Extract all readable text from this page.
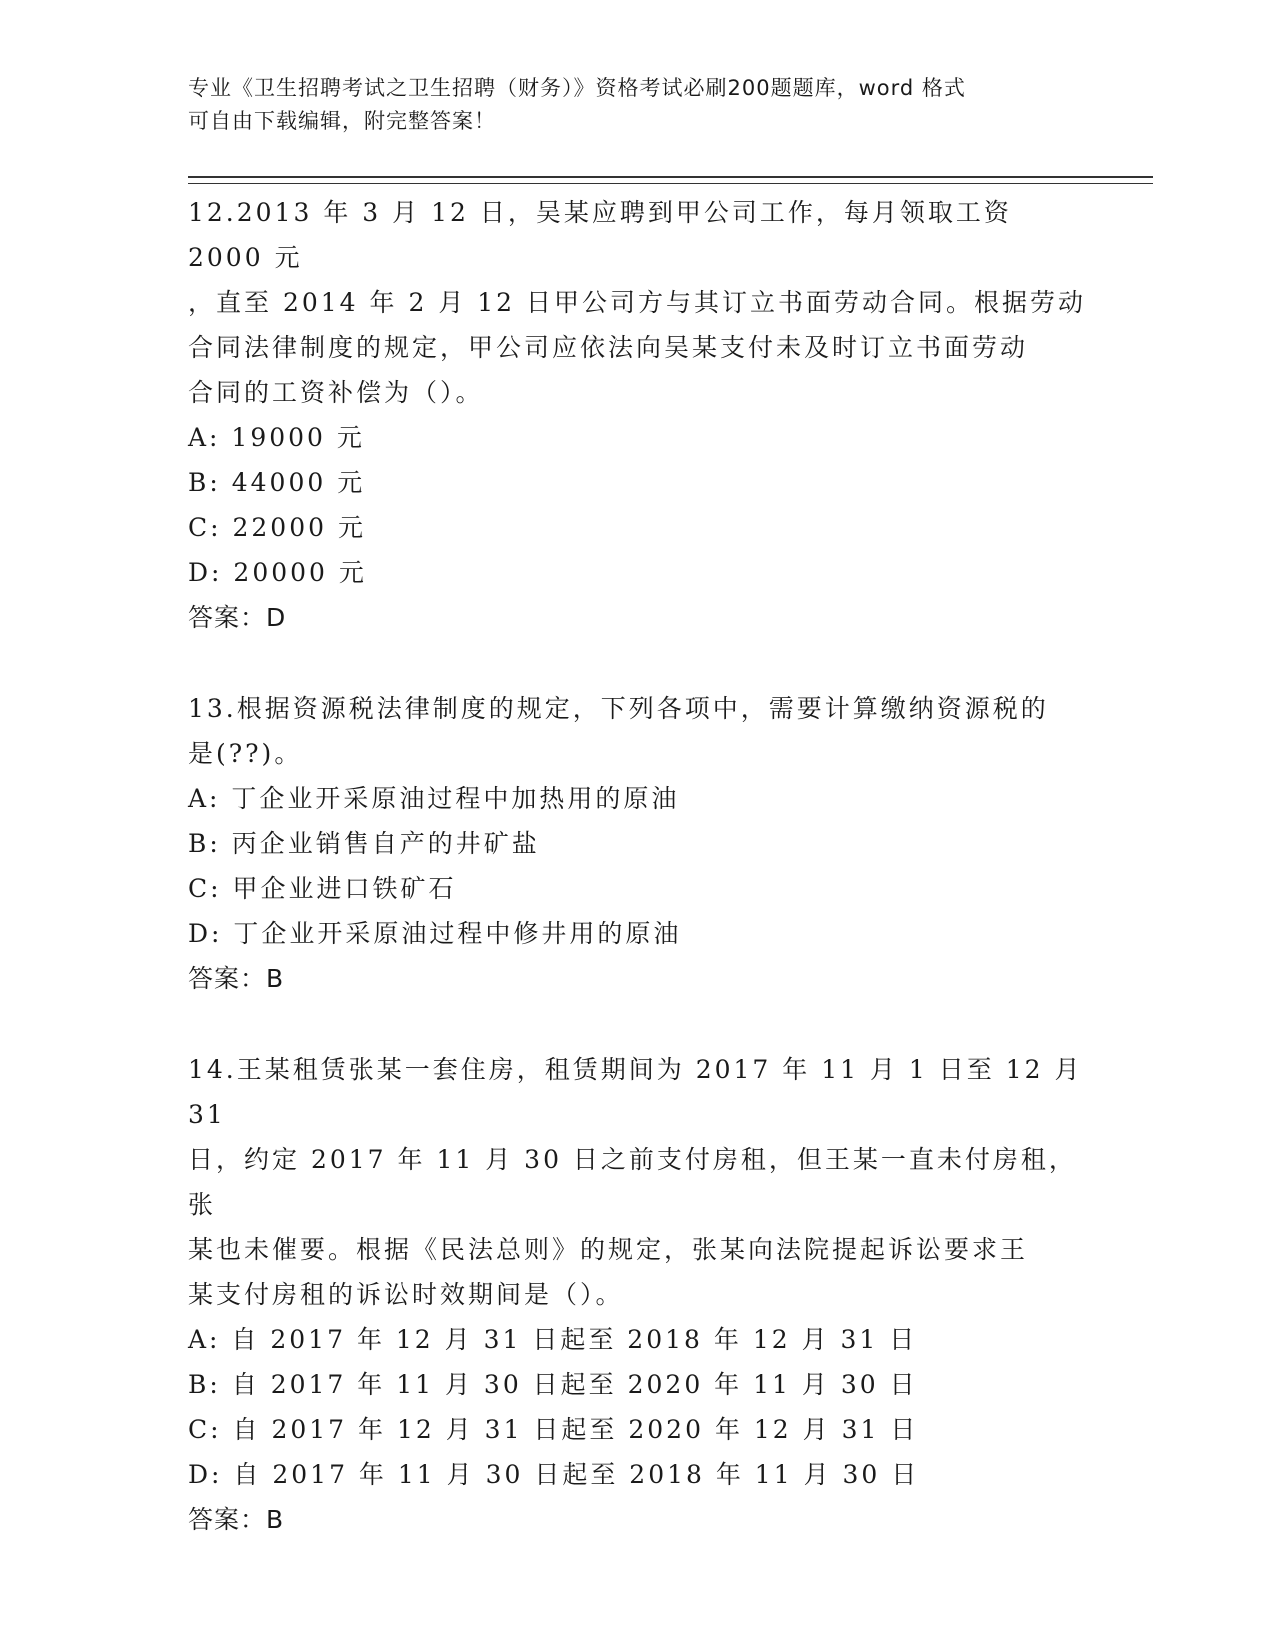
专业《卫生招聘考试之卫生招聘（财务）》资格考试必刷200题题库，word 格式
可自由下载编辑，附完整答案！

12.2013 年 3 月 12 日，吴某应聘到甲公司工作，每月领取工资 2000 元

，直至 2014 年 2 月 12 日甲公司方与其订立书面劳动合同。根据劳动

合同法律制度的规定，甲公司应依法向吴某支付未及时订立书面劳动

合同的工资补偿为（）。

A: 19000 元

B: 44000 元

C: 22000 元

D: 20000 元

答案：D

13.根据资源税法律制度的规定，下列各项中，需要计算缴纳资源税的

是(??)。

A: 丁企业开采原油过程中加热用的原油

B: 丙企业销售自产的井矿盐

C: 甲企业进口铁矿石

D: 丁企业开采原油过程中修井用的原油

答案：B

14.王某租赁张某一套住房，租赁期间为 2017 年 11 月 1 日至 12 月 31

日，约定 2017 年 11 月 30 日之前支付房租，但王某一直未付房租，张

某也未催要。根据《民法总则》的规定，张某向法院提起诉讼要求王

某支付房租的诉讼时效期间是（）。

A: 自 2017 年 12 月 31 日起至 2018 年 12 月 31 日

B: 自 2017 年 11 月 30 日起至 2020 年 11 月 30 日

C: 自 2017 年 12 月 31 日起至 2020 年 12 月 31 日

D: 自 2017 年 11 月 30 日起至 2018 年 11 月 30 日

答案：B
